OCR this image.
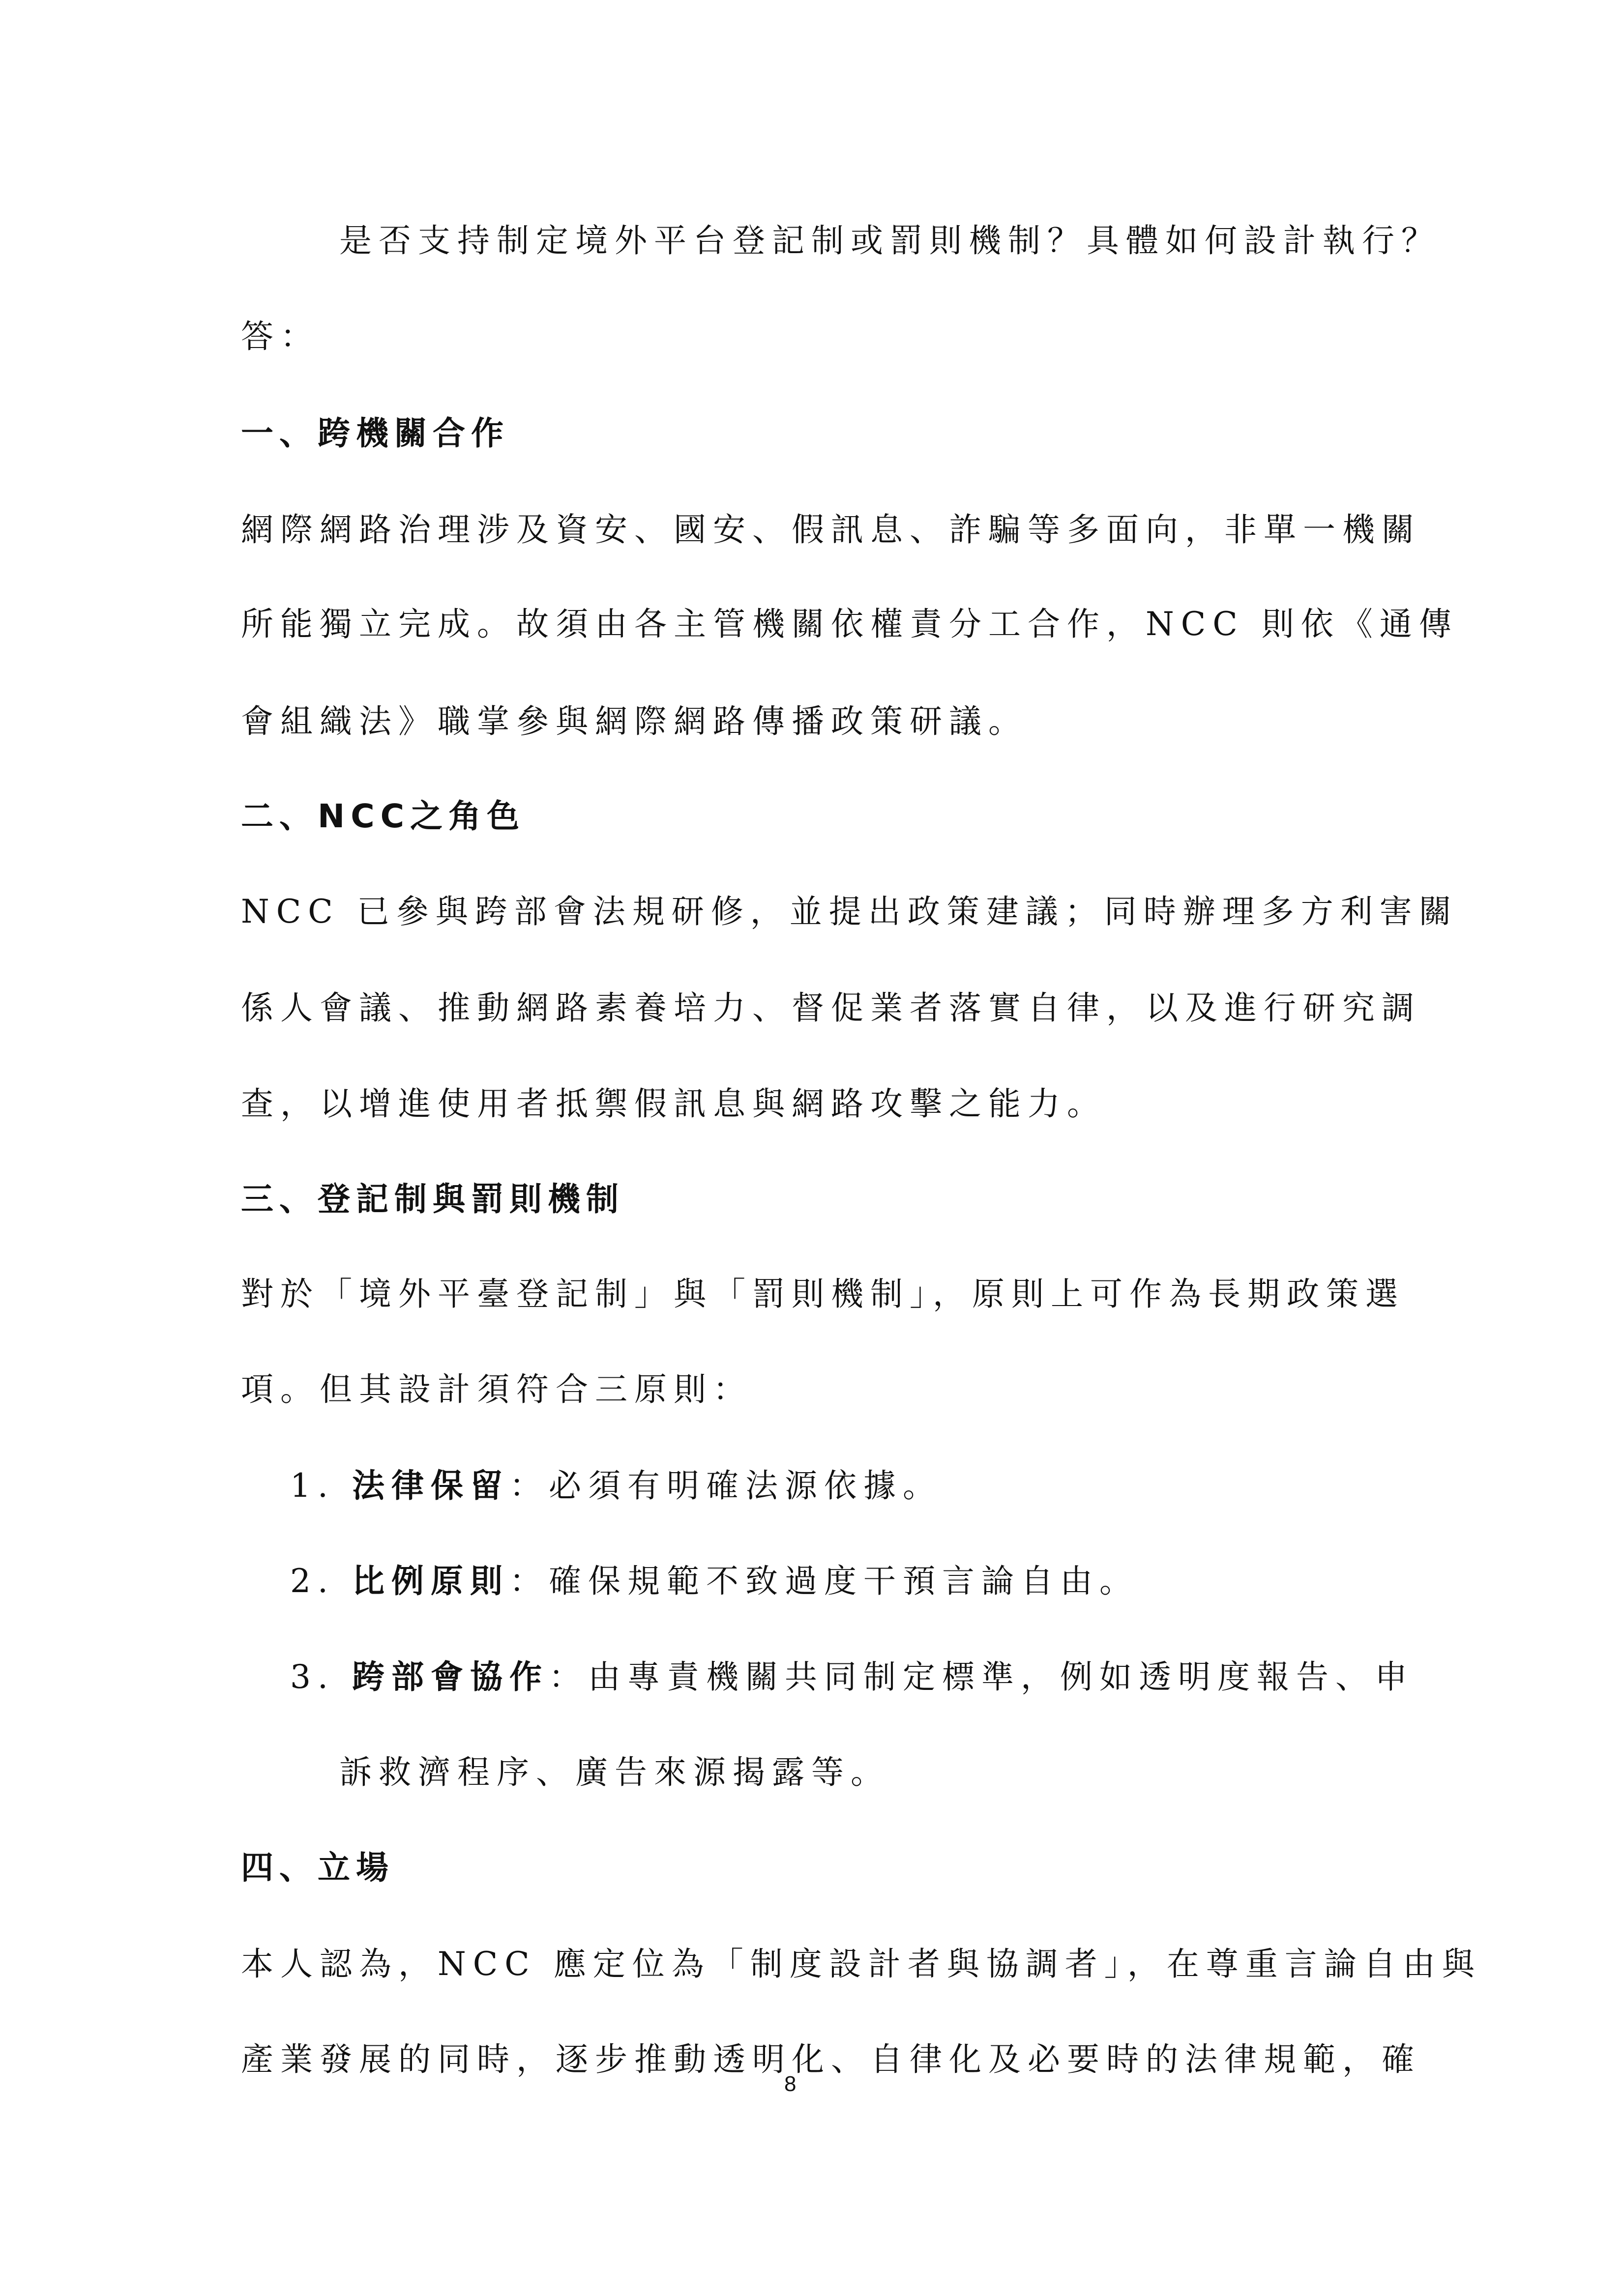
是否支持制定境外平台登記制或罰則機制？具體如何設計執行？
答：
一、跨機關合作
網際網路治理涉及資安、國安、假訊息、詐騙等多面向，非單一機關
所能獨立完成。故須由各主管機關依權責分工合作，NCC 則依《通傳
會組織法》職掌參與網際網路傳播政策研議。
二、NCC之角色
NCC 已參與跨部會法規研修，並提出政策建議；同時辦理多方利害關
係人會議、推動網路素養培力、督促業者落實自律，以及進行研究調
查，以增進使用者抵禦假訊息與網路攻擊之能力。
三、登記制與罰則機制
對於「境外平臺登記制」與「罰則機制」，原則上可作為長期政策選
項。但其設計須符合三原則：
1. 法律保留：必須有明確法源依據。
2. 比例原則：確保規範不致過度干預言論自由。
3. 跨部會協作：由專責機關共同制定標準，例如透明度報告、申
訴救濟程序、廣告來源揭露等。
四、立場
本人認為，NCC 應定位為「制度設計者與協調者」，在尊重言論自由與
產業發展的同時，逐步推動透明化、自律化及必要時的法律規範，確
8
